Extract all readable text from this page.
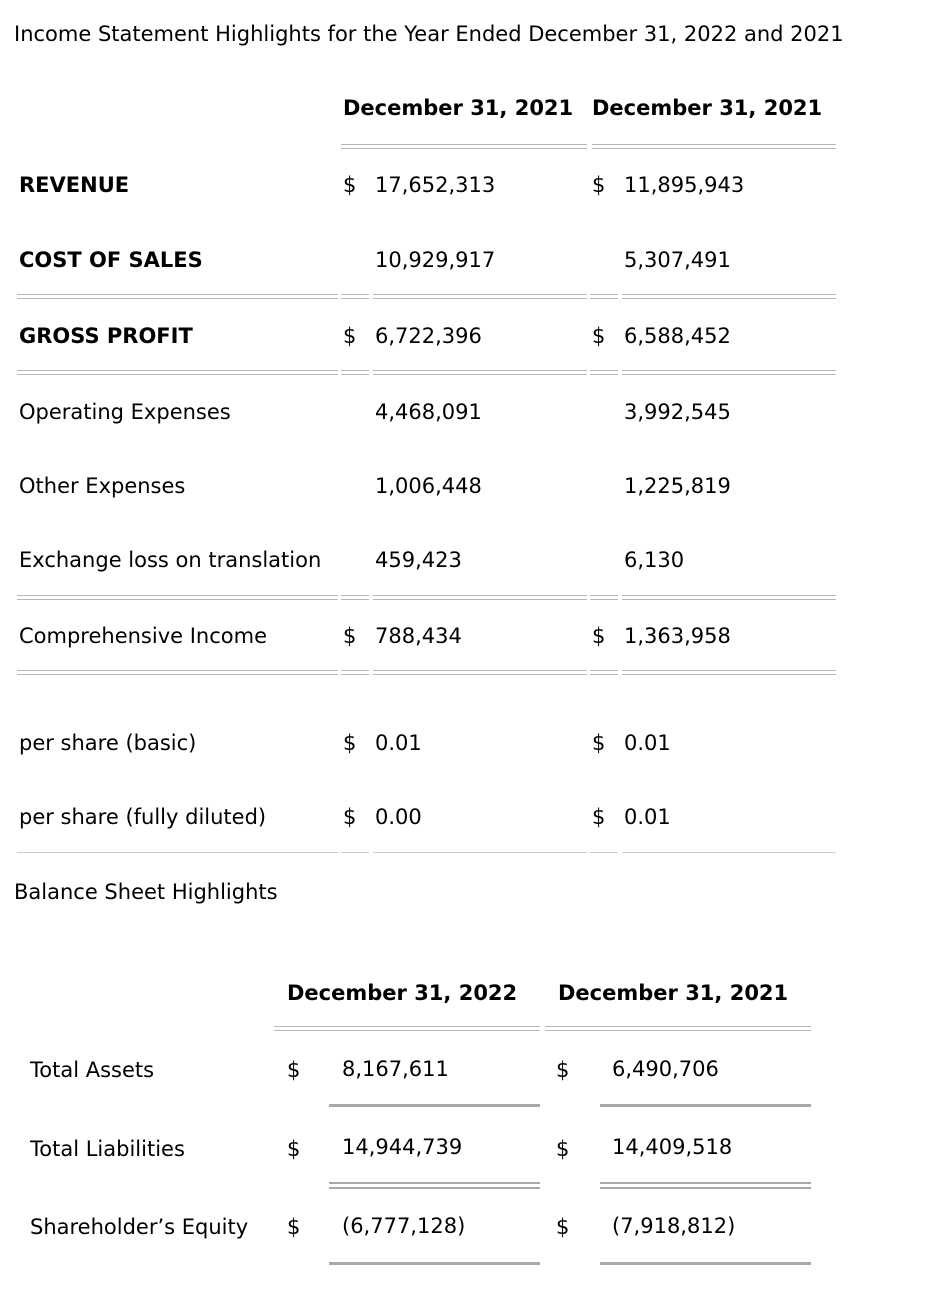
Income Statement Highlights for the Year Ended December 31, 2022 and 2021
December 31, 2021 December 31, 2021
REVENUE	$ 17,652,313	$ 11,895,943
COST OF SALES	10,929,917	5,307,491
GROSS PROFIT	$ 6,722,396	$ 6,588,452
Operating Expenses	4,468,091	3,992,545
Other Expenses	1,006,448	1,225,819
Exchange loss on translation	459,423	6,130
Comprehensive Income	$ 788,434	$ 1,363,958
per share (basic)	$ 0.01	$ 0.01
per share (fully diluted)	$ 0.00	$ 0.01
Balance Sheet Highlights
December 31, 2022 December 31, 2021
Total Assets	$ 8,167,611	$ 6,490,706
Total Liabilities	$ 14,944,739	$ 14,409,518
Shareholder’s Equity $ (6,777,128)	$ (7,918,812)
